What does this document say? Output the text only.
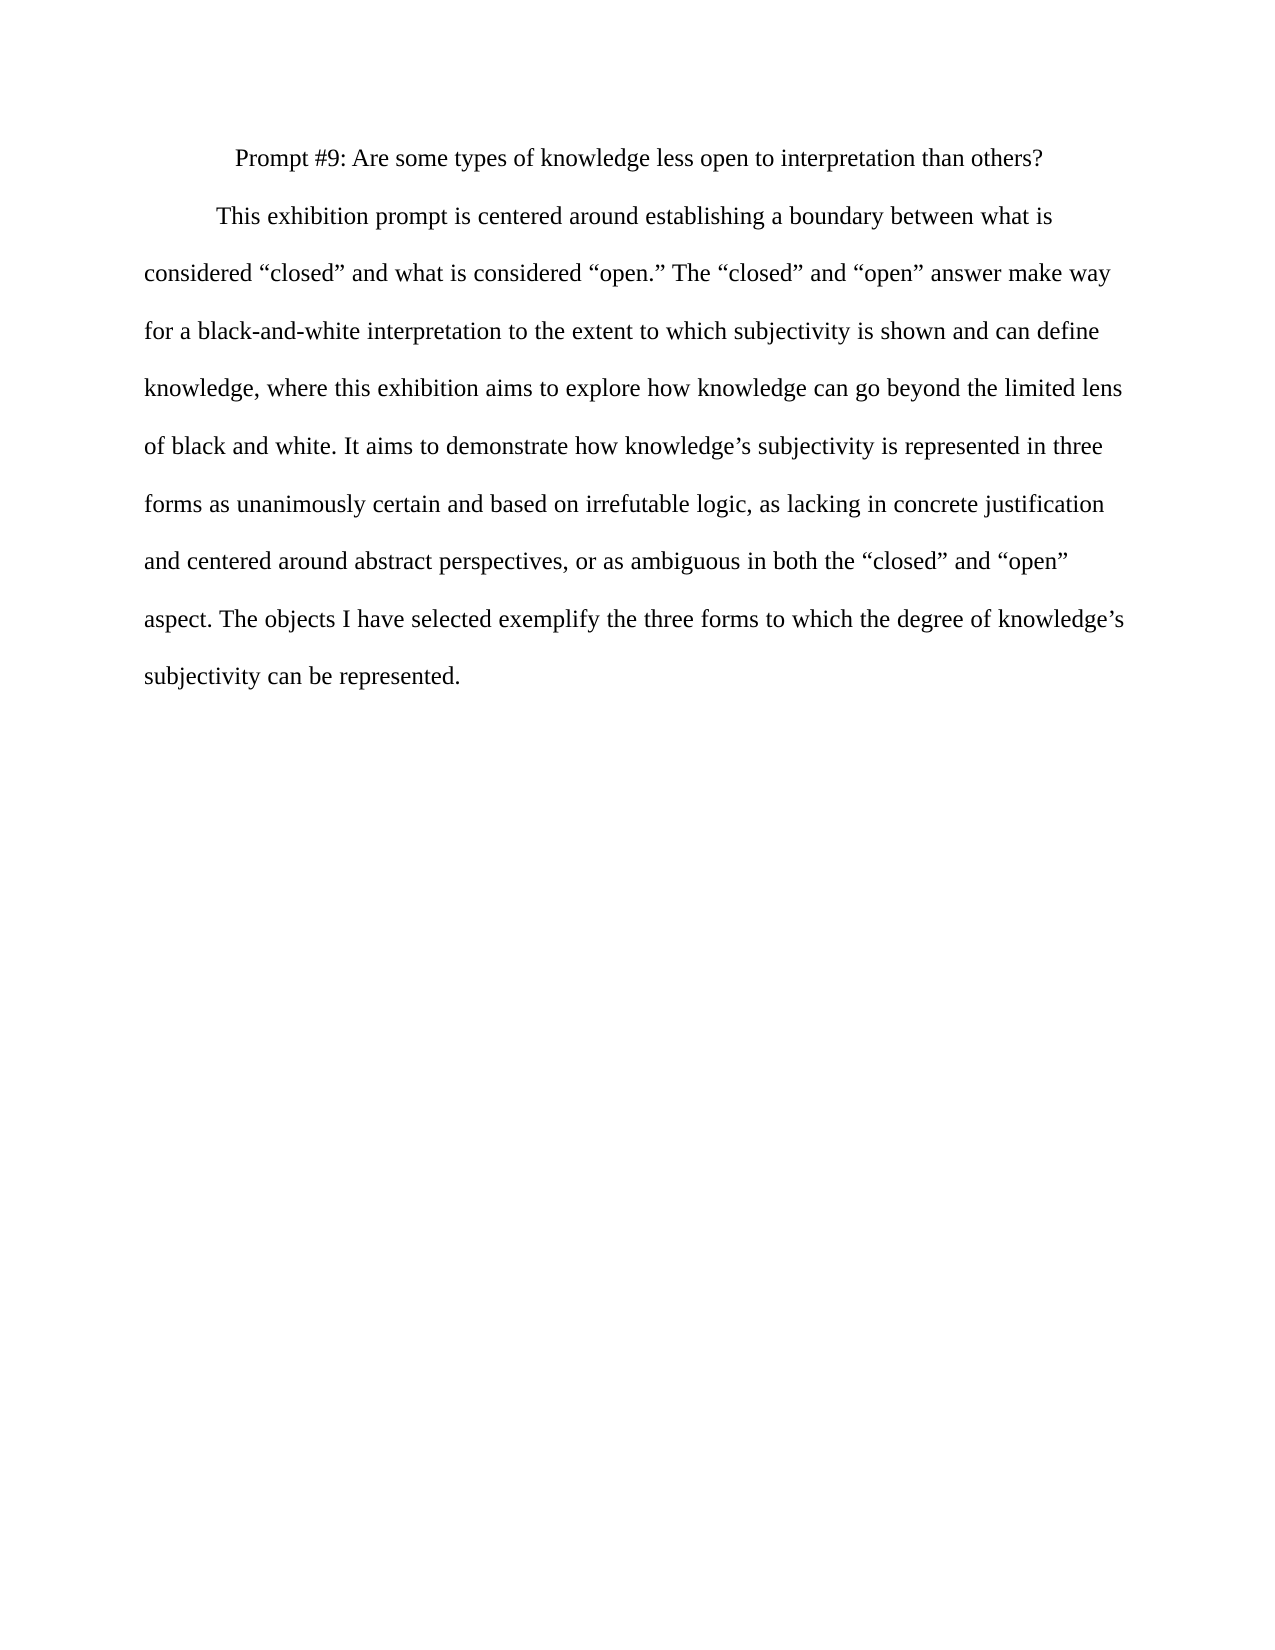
Prompt #9: Are some types of knowledge less open to interpretation than others?

This exhibition prompt is centered around establishing a boundary between what is considered “closed” and what is considered “open.” The “closed” and “open” answer make way for a black-and-white interpretation to the extent to which subjectivity is shown and can define knowledge, where this exhibition aims to explore how knowledge can go beyond the limited lens of black and white. It aims to demonstrate how knowledge’s subjectivity is represented in three forms as unanimously certain and based on irrefutable logic, as lacking in concrete justification and centered around abstract perspectives, or as ambiguous in both the “closed” and “open” aspect. The objects I have selected exemplify the three forms to which the degree of knowledge’s subjectivity can be represented.
